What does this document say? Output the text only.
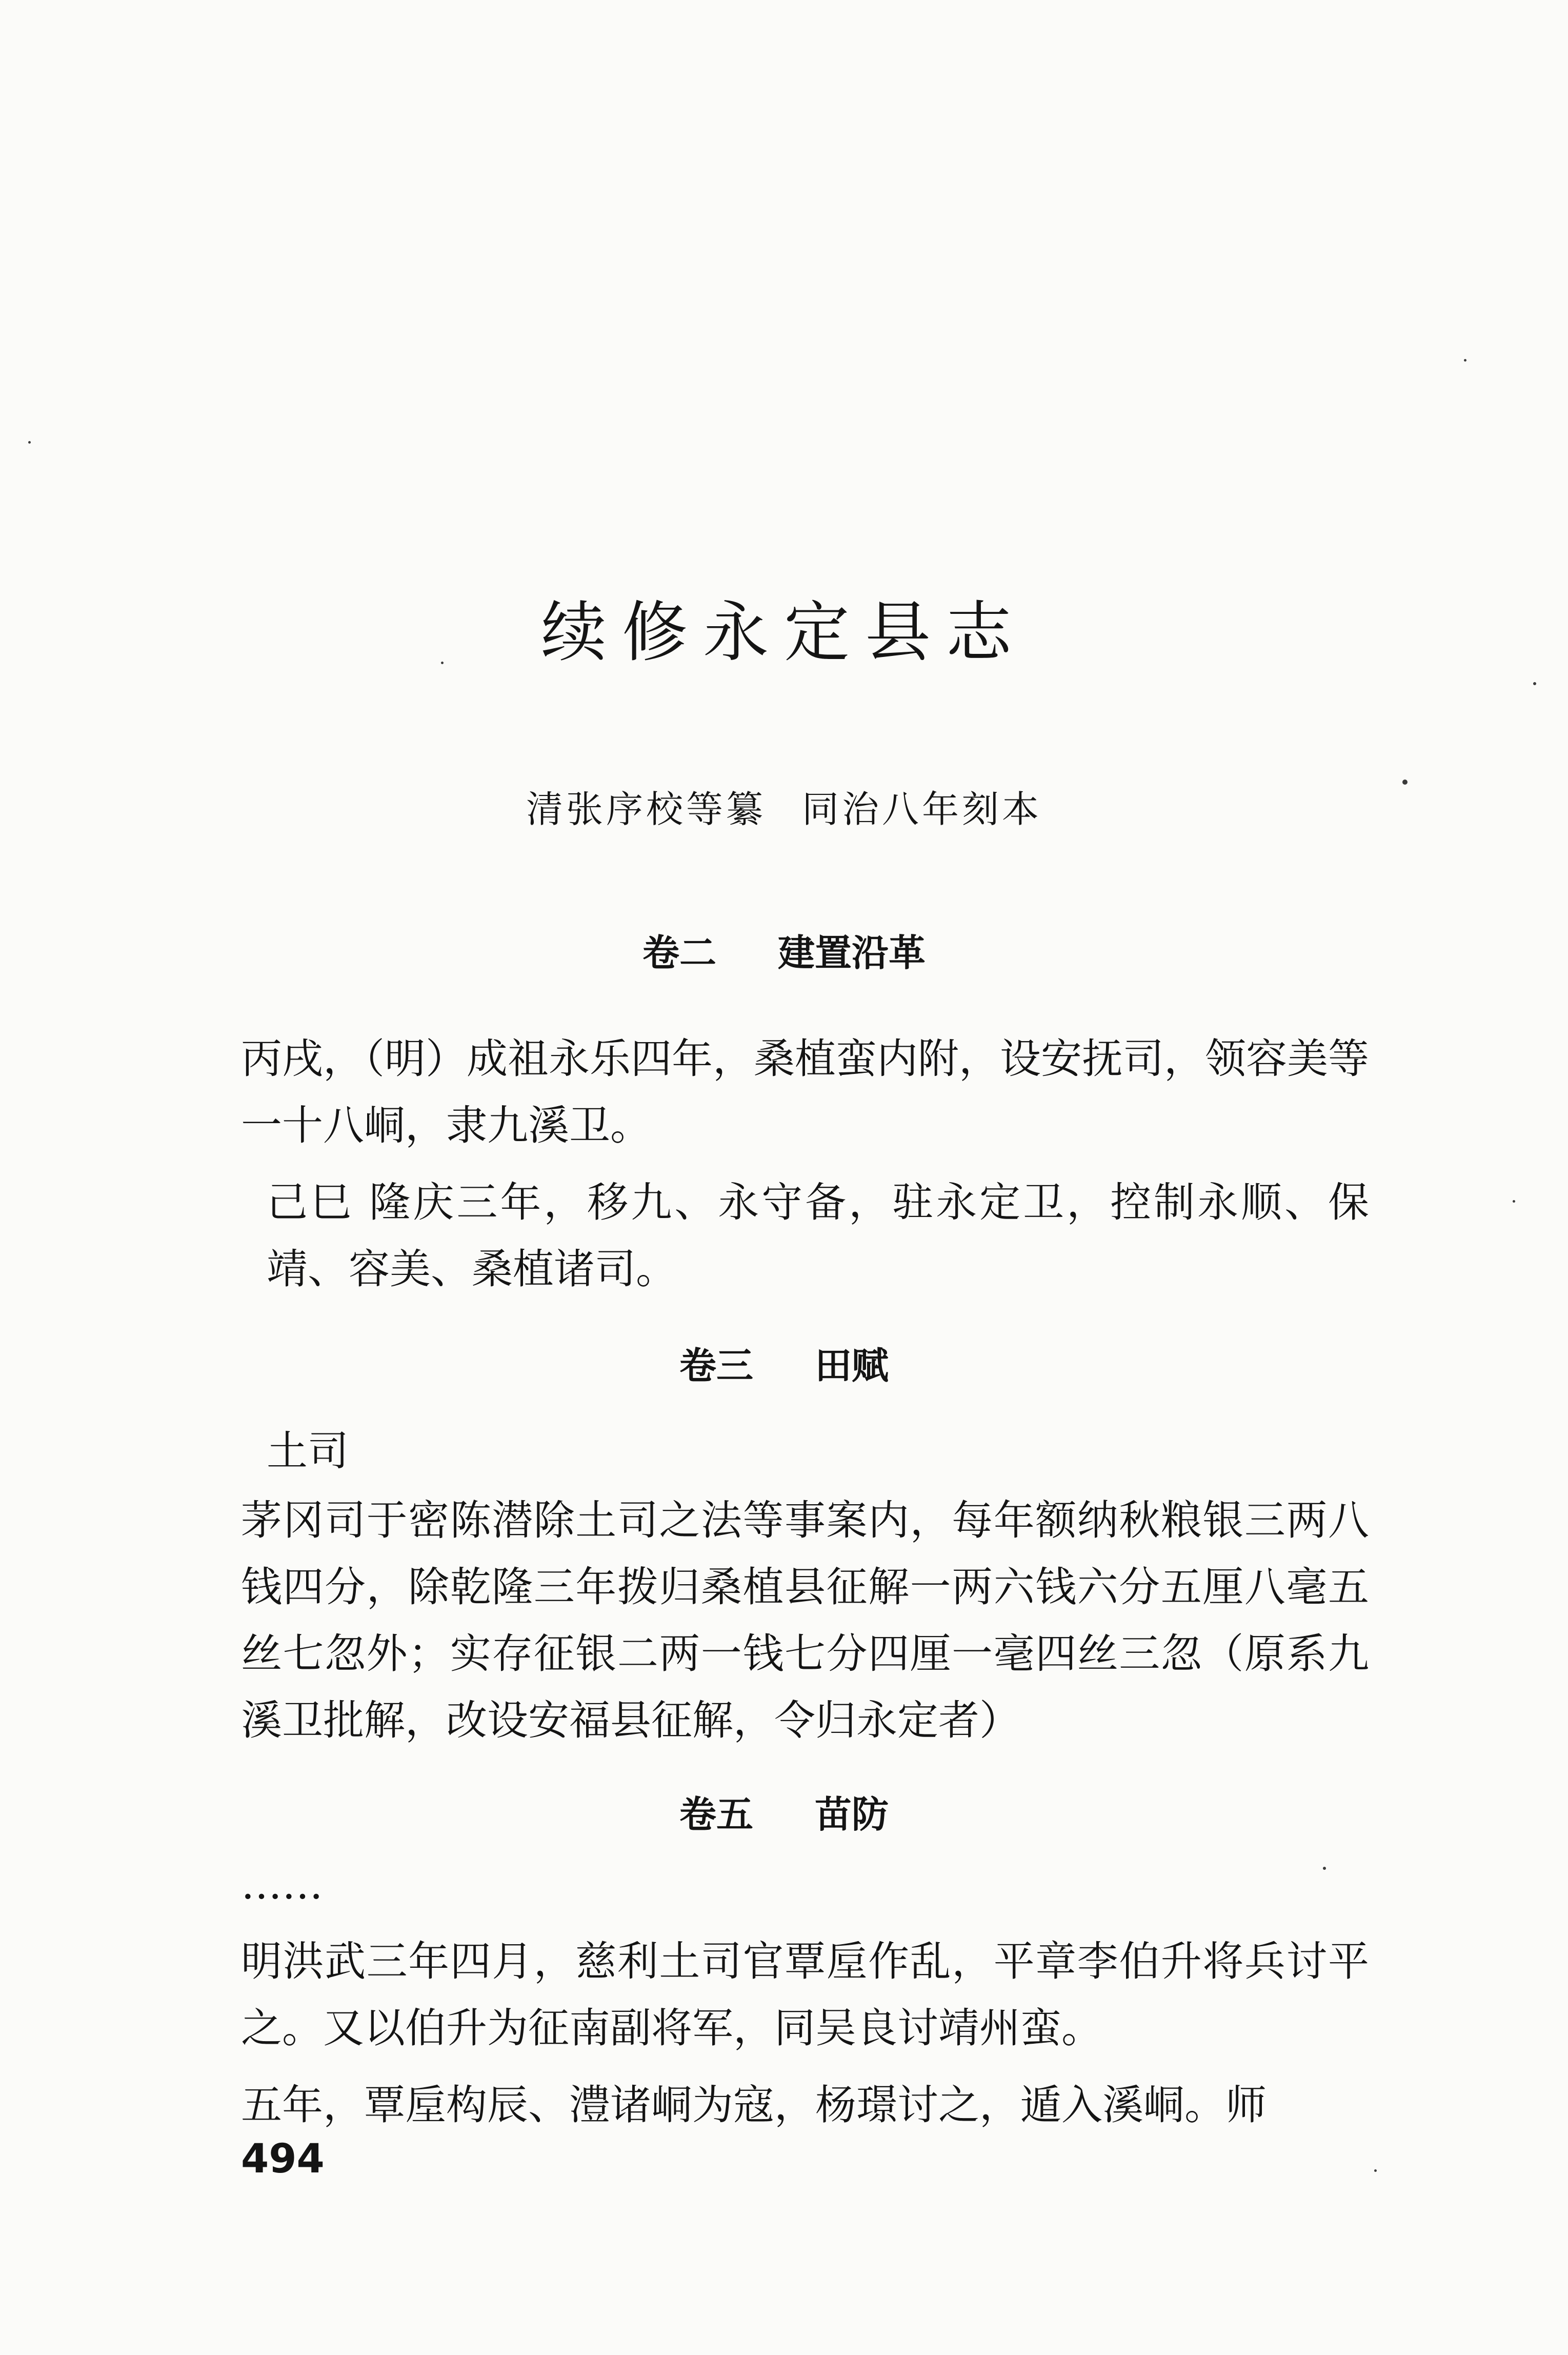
续修永定县志

清张序校等纂 同治八年刻本

卷二 建置沿革

丙戌，（明）成祖永乐四年，桑植蛮内附，设安抚司，领容美等一十八峒，隶九溪卫。

己巳 隆庆三年，移九、永守备，驻永定卫，控制永顺、保靖、容美、桑植诸司。

卷三 田赋

土司

茅冈司于密陈潜除土司之法等事案内，每年额纳秋粮银三两八钱四分，除乾隆三年拨归桑植县征解一两六钱六分五厘八毫五丝七忽外；实存征银二两一钱七分四厘一毫四丝三忽（原系九溪卫批解，改设安福县征解，令归永定者）

卷五 苗防

……

明洪武三年四月，慈利土司官覃垕作乱，平章李伯升将兵讨平之。又以伯升为征南副将军，同吴良讨靖州蛮。

五年，覃垕构辰、澧诸峒为寇，杨璟讨之，遁入溪峒。师

494
